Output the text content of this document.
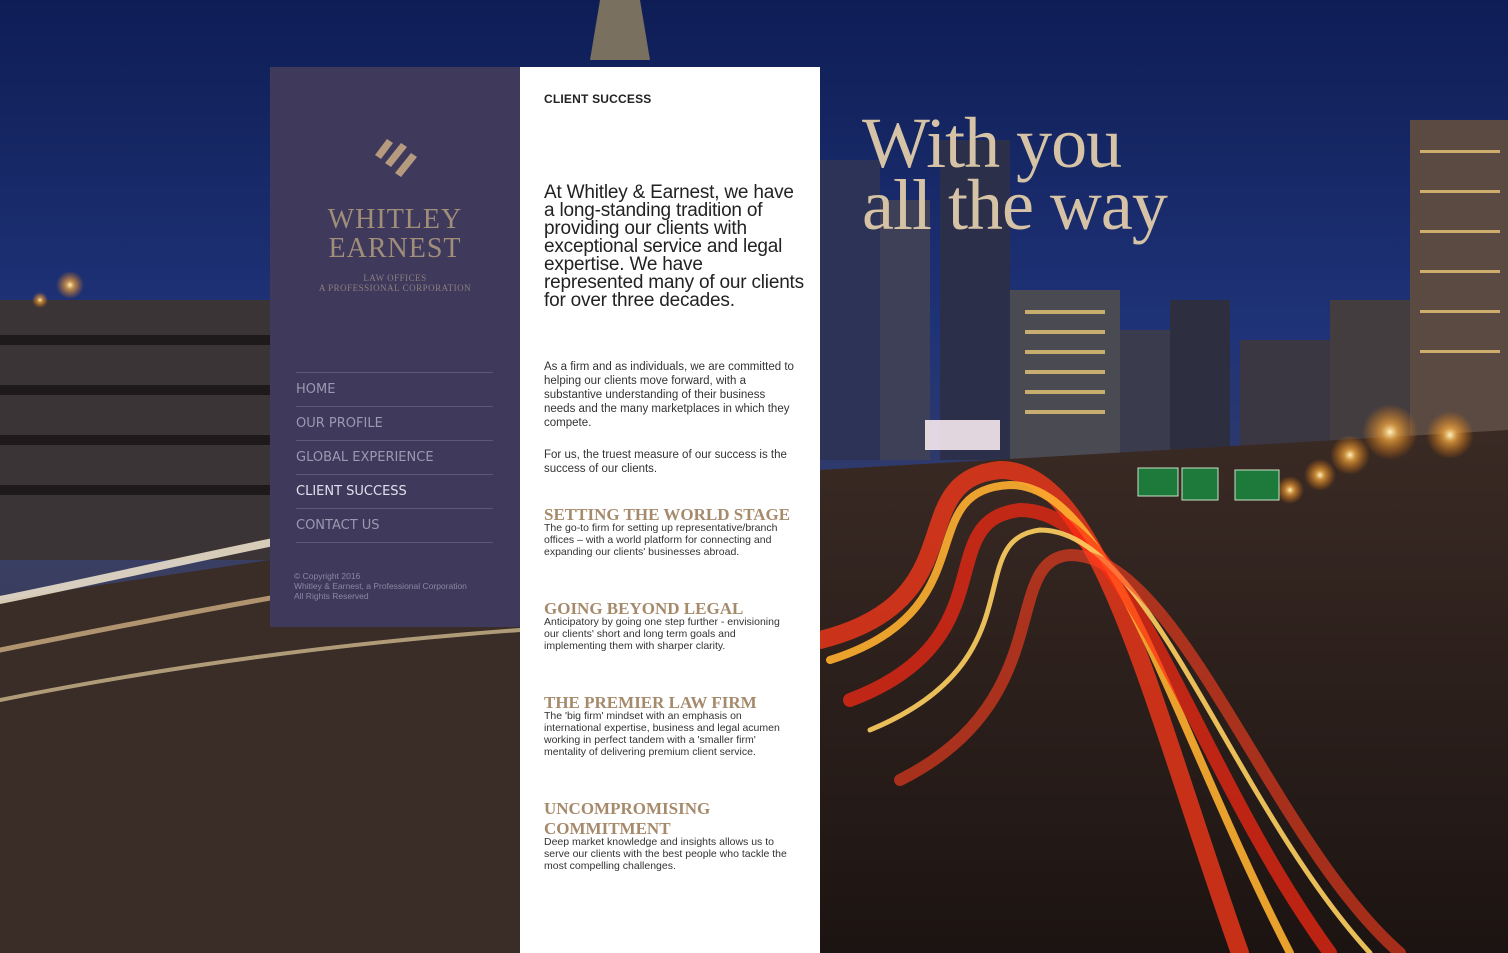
WHITLEY
EARNEST
LAW OFFICES
A PROFESSIONAL CORPORATION
HOME
OUR PROFILE
GLOBAL EXPERIENCE
CLIENT SUCCESS
CONTACT US
© Copyright 2016
Whitley & Earnest, a Professional Corporation
All Rights Reserved
CLIENT SUCCESS
At Whitley & Earnest, we have a long-standing tradition of providing our clients with exceptional service and legal expertise. We have represented many of our clients for over three decades.

As a firm and as individuals, we are committed to helping our clients move forward, with a substantive understanding of their business needs and the many marketplaces in which they compete.

For us, the truest measure of our success is the success of our clients.

SETTING THE WORLD STAGE
The go-to firm for setting up representative/branch offices – with a world platform for connecting and expanding our clients' businesses abroad.
GOING BEYOND LEGAL
Anticipatory by going one step further - envisioning our clients' short and long term goals and implementing them with sharper clarity.
THE PREMIER LAW FIRM
The 'big firm' mindset with an emphasis on international expertise, business and legal acumen working in perfect tandem with a 'smaller firm' mentality of delivering premium client service.
UNCOMPROMISING COMMITMENT
Deep market knowledge and insights allows us to serve our clients with the best people who tackle the most compelling challenges.
With you
all the way
